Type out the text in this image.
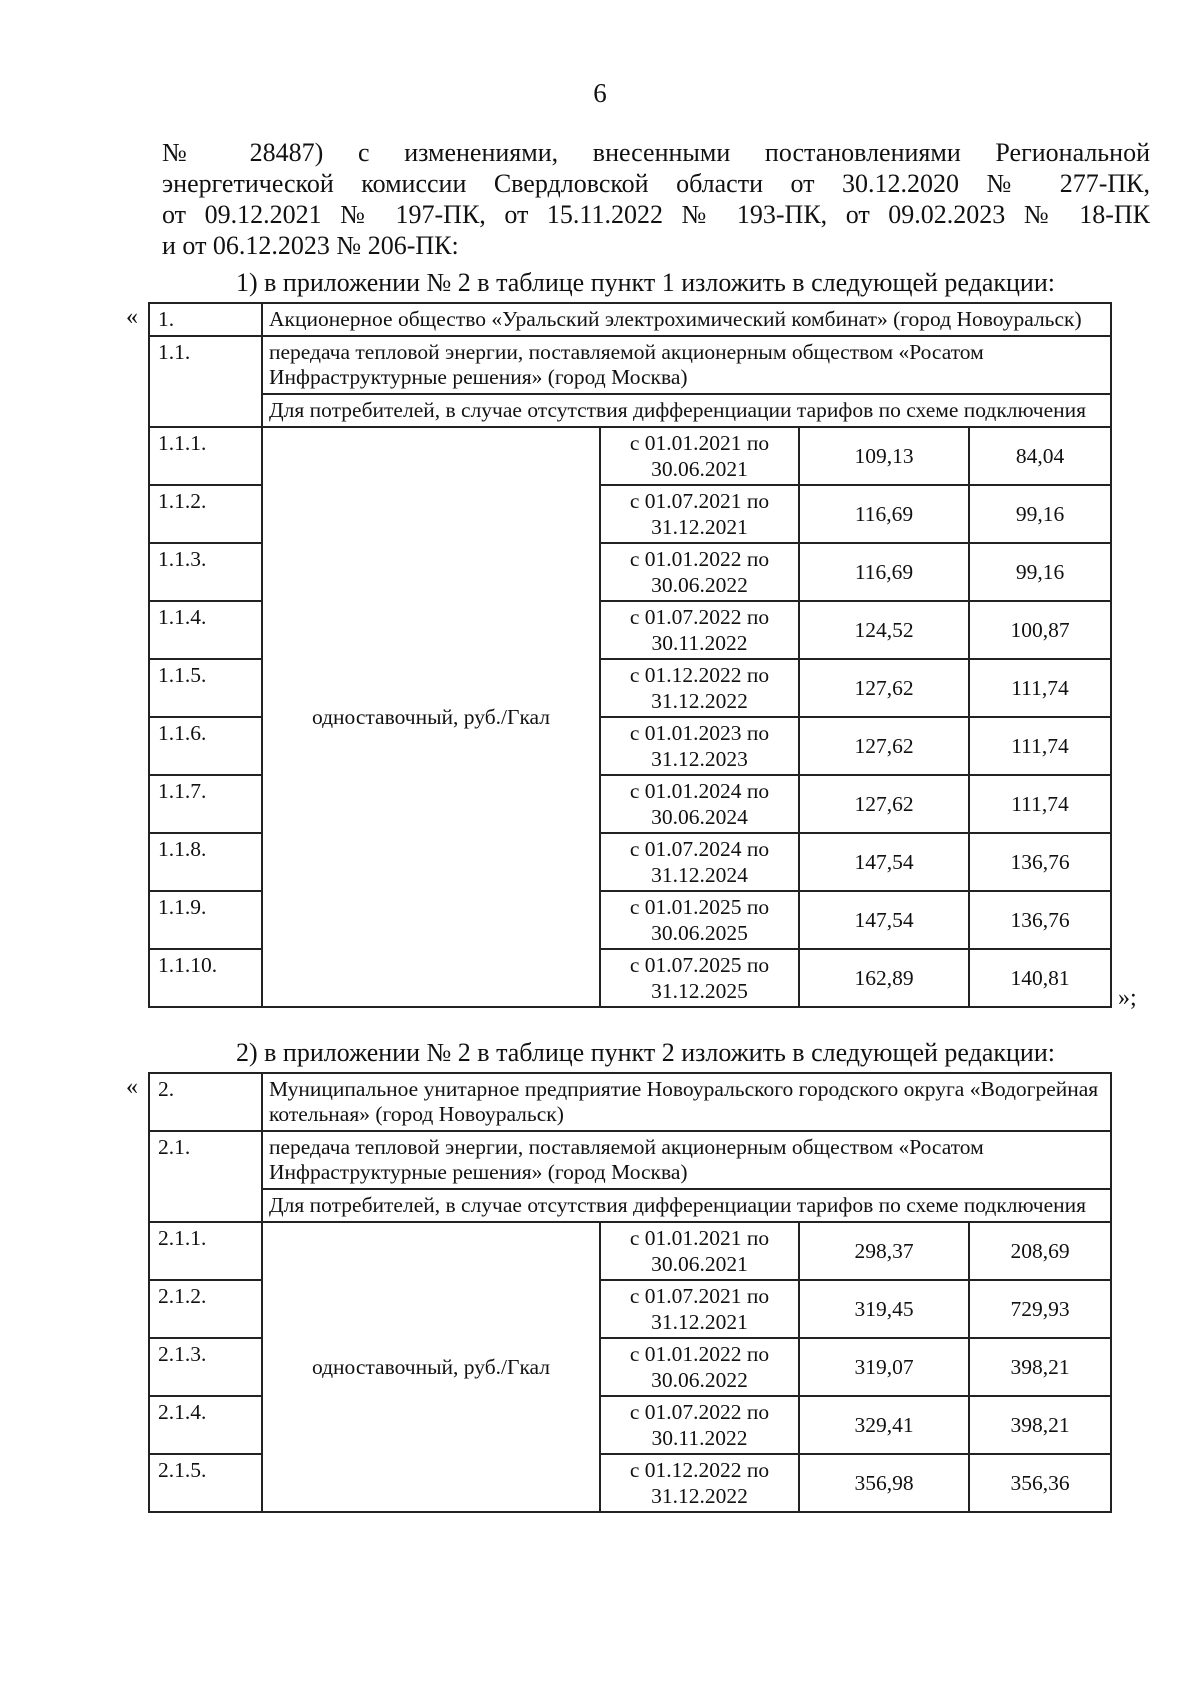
6
№ 28487) с изменениями, внесенными постановлениями Региональной
энергетической комиссии Свердловской области от 30.12.2020 № 277-ПК,
от 09.12.2021 № 197-ПК, от 15.11.2022 № 193-ПК, от 09.02.2023 № 18-ПК
и от 06.12.2023 № 206-ПК:
1) в приложении № 2 в таблице пункт 1 изложить в следующей редакции:
«
»;
1.	Акционерное общество «Уральский электрохимический комбинат» (город Новоуральск)			
1.1.	передача тепловой энергии, поставляемой акционерным обществом «Росатом Инфраструктурные решения» (город Москва)			
	Для потребителей, в случае отсутствия дифференциации тарифов по схеме подключения			
1.1.1.	одноставочный, руб./Гкал	с 01.01.2021 по 30.06.2021	109,13	84,04
1.1.2.		с 01.07.2021 по 31.12.2021	116,69	99,16
1.1.3.		с 01.01.2022 по 30.06.2022	116,69	99,16
1.1.4.		с 01.07.2022 по 30.11.2022	124,52	100,87
1.1.5.		с 01.12.2022 по 31.12.2022	127,62	111,74
1.1.6.		с 01.01.2023 по 31.12.2023	127,62	111,74
1.1.7.		с 01.01.2024 по 30.06.2024	127,62	111,74
1.1.8.		с 01.07.2024 по 31.12.2024	147,54	136,76
1.1.9.		с 01.01.2025 по 30.06.2025	147,54	136,76
1.1.10.		с 01.07.2025 по 31.12.2025	162,89	140,81
2) в приложении № 2 в таблице пункт 2 изложить в следующей редакции:
« 2.	Муниципальное унитарное предприятие Новоуральского городского округа «Водогрейная котельная» (город Новоуральск)			
2.1.	передача тепловой энергии, поставляемой акционерным обществом «Росатом Инфраструктурные решения» (город Москва)			
	Для потребителей, в случае отсутствия дифференциации тарифов по схеме подключения			
2.1.1.	одноставочный, руб./Гкал	с 01.01.2021 по 30.06.2021	298,37	208,69
2.1.2.		с 01.07.2021 по 31.12.2021	319,45	729,93
2.1.3.		с 01.01.2022 по 30.06.2022	319,07	398,21
2.1.4.		с 01.07.2022 по 30.11.2022	329,41	398,21
2.1.5.		с 01.12.2022 по 31.12.2022	356,98	356,36
